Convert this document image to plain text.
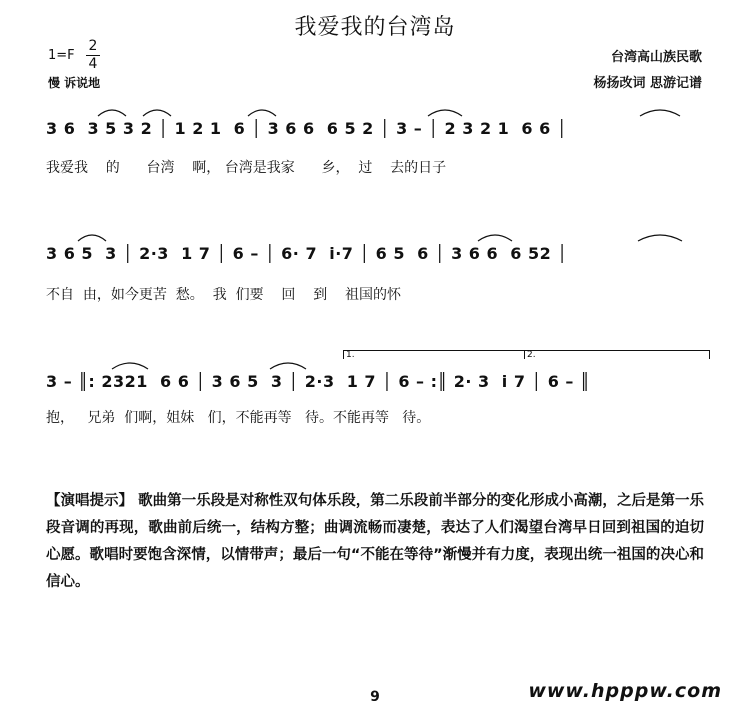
我爱我的台湾岛
1=F
2
4
慢 诉说地
台湾高山族民歌
杨扬改词 思游记谱
3 6  3 5 3 2 │ 1 2 1  6 │ 3 6 6  6 5 2 │ 3 – │ 2 3 2 1  6 6 │
我爱我    的      台湾    啊， 台湾是我家      乡，  过    去的日子
3 6 5  3 │ 2·3  1 7 │ 6 – │ 6· 7  i·7 │ 6 5  6 │ 3 6 6  6 52 │
不自  由，如今更苦  愁。  我  们要    回    到    祖国的怀
1.	2.
3 – ║: 2321  6 6 │ 3 6 5  3 │ 2·3  1 7 │ 6 – :║ 2· 3  i 7 │ 6 – ║
抱，   兄弟  们啊，姐妹   们，不能再等   待。不能再等   待。
【演唱提示】 歌曲第一乐段是对称性双句体乐段，第二乐段前半部分的变化形成小高潮，之后是第一乐段音调的再现，歌曲前后统一，结构方整；曲调流畅而凄楚，表达了人们渴望台湾早日回到祖国的迫切心愿。歌唱时要饱含深情，以情带声；最后一句“不能在等待”渐慢并有力度，表现出统一祖国的决心和信心。
9	www.hpppw.com
